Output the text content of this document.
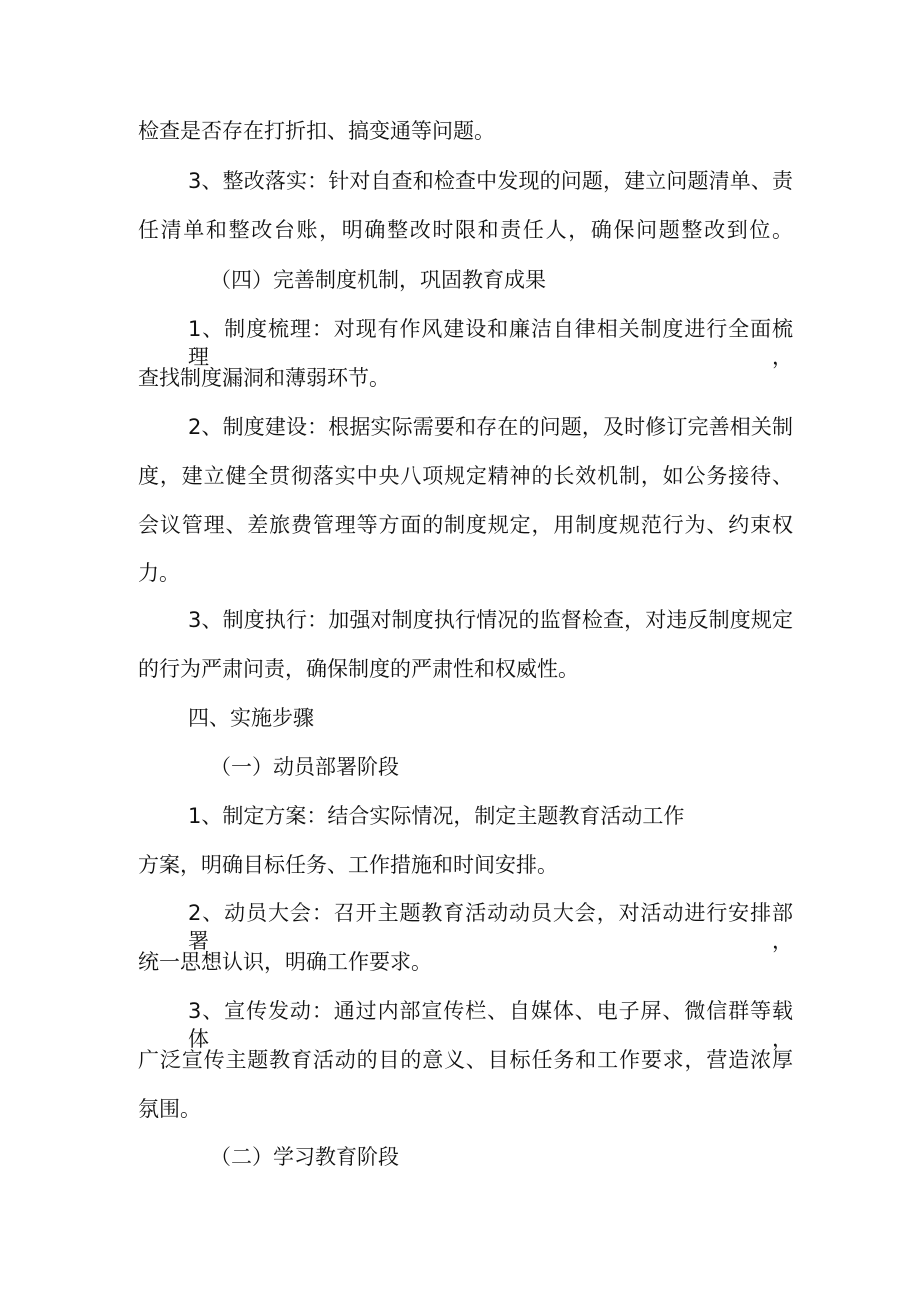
检查是否存在打折扣、搞变通等问题。
3、整改落实：针对自查和检查中发现的问题，建立问题清单、责
任清单和整改台账，明确整改时限和责任人，确保问题整改到位。
（四）完善制度机制，巩固教育成果
1、制度梳理：对现有作风建设和廉洁自律相关制度进行全面梳理，
查找制度漏洞和薄弱环节。
2、制度建设：根据实际需要和存在的问题，及时修订完善相关制
度，建立健全贯彻落实中央八项规定精神的长效机制，如公务接待、
会议管理、差旅费管理等方面的制度规定，用制度规范行为、约束权
力。
3、制度执行：加强对制度执行情况的监督检查，对违反制度规定
的行为严肃问责，确保制度的严肃性和权威性。
四、实施步骤
（一）动员部署阶段
1、制定方案：结合实际情况，制定主题教育活动工作
方案，明确目标任务、工作措施和时间安排。
2、动员大会：召开主题教育活动动员大会，对活动进行安排部署，
统一思想认识，明确工作要求。
3、宣传发动：通过内部宣传栏、自媒体、电子屏、微信群等载体，
广泛宣传主题教育活动的目的意义、目标任务和工作要求，营造浓厚
氛围。
（二）学习教育阶段
